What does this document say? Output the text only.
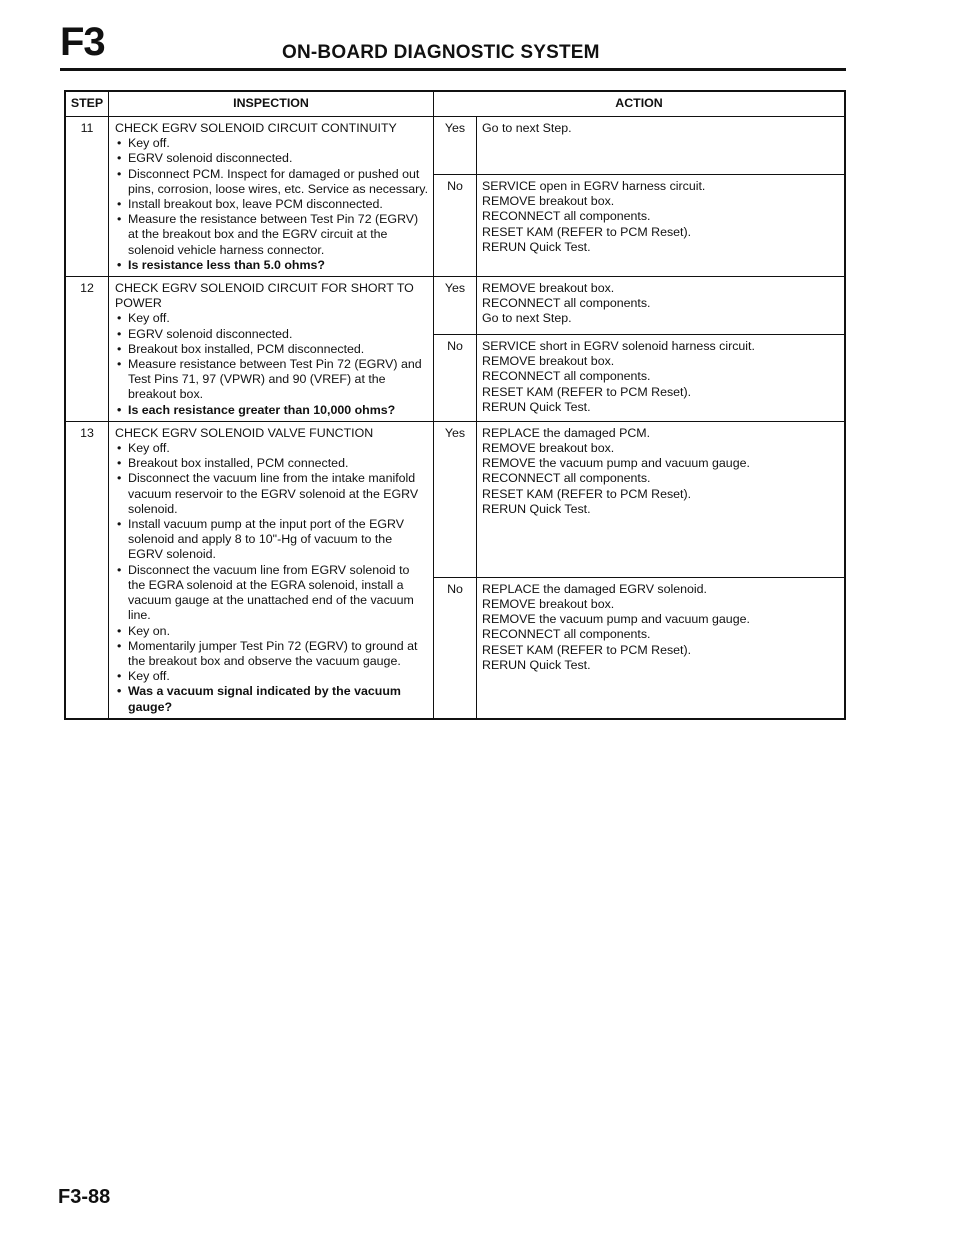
F3	ON-BOARD DIAGNOSTIC SYSTEM
STEP	INSPECTION	ACTION
11	CHECK EGRV SOLENOID CIRCUIT CONTINUITY
• Key off.
• EGRV solenoid disconnected.
• Disconnect PCM. Inspect for damaged or pushed out pins, corrosion, loose wires, etc. Service as necessary.
• Install breakout box, leave PCM disconnected.
• Measure the resistance between Test Pin 72 (EGRV) at the breakout box and the EGRV circuit at the solenoid vehicle harness connector.
• Is resistance less than 5.0 ohms?
Yes	Go to next Step.
No	SERVICE open in EGRV harness circuit.
REMOVE breakout box.
RECONNECT all components.
RESET KAM (REFER to PCM Reset).
RERUN Quick Test.
12	CHECK EGRV SOLENOID CIRCUIT FOR SHORT TO POWER
• Key off.
• EGRV solenoid disconnected.
• Breakout box installed, PCM disconnected.
• Measure resistance between Test Pin 72 (EGRV) and Test Pins 71, 97 (VPWR) and 90 (VREF) at the breakout box.
• Is each resistance greater than 10,000 ohms?
Yes	REMOVE breakout box.
RECONNECT all components.
Go to next Step.
No	SERVICE short in EGRV solenoid harness circuit.
REMOVE breakout box.
RECONNECT all components.
RESET KAM (REFER to PCM Reset).
RERUN Quick Test.
13	CHECK EGRV SOLENOID VALVE FUNCTION
• Key off.
• Breakout box installed, PCM connected.
• Disconnect the vacuum line from the intake manifold vacuum reservoir to the EGRV solenoid at the EGRV solenoid.
• Install vacuum pump at the input port of the EGRV solenoid and apply 8 to 10"-Hg of vacuum to the EGRV solenoid.
• Disconnect the vacuum line from EGRV solenoid to the EGRA solenoid at the EGRA solenoid, install a vacuum gauge at the unattached end of the vacuum line.
• Key on.
• Momentarily jumper Test Pin 72 (EGRV) to ground at the breakout box and observe the vacuum gauge.
• Key off.
• Was a vacuum signal indicated by the vacuum gauge?
Yes	REPLACE the damaged PCM.
REMOVE breakout box.
REMOVE the vacuum pump and vacuum gauge.
RECONNECT all components.
RESET KAM (REFER to PCM Reset).
RERUN Quick Test.
No	REPLACE the damaged EGRV solenoid.
REMOVE breakout box.
REMOVE the vacuum pump and vacuum gauge.
RECONNECT all components.
RESET KAM (REFER to PCM Reset).
RERUN Quick Test.
F3-88
